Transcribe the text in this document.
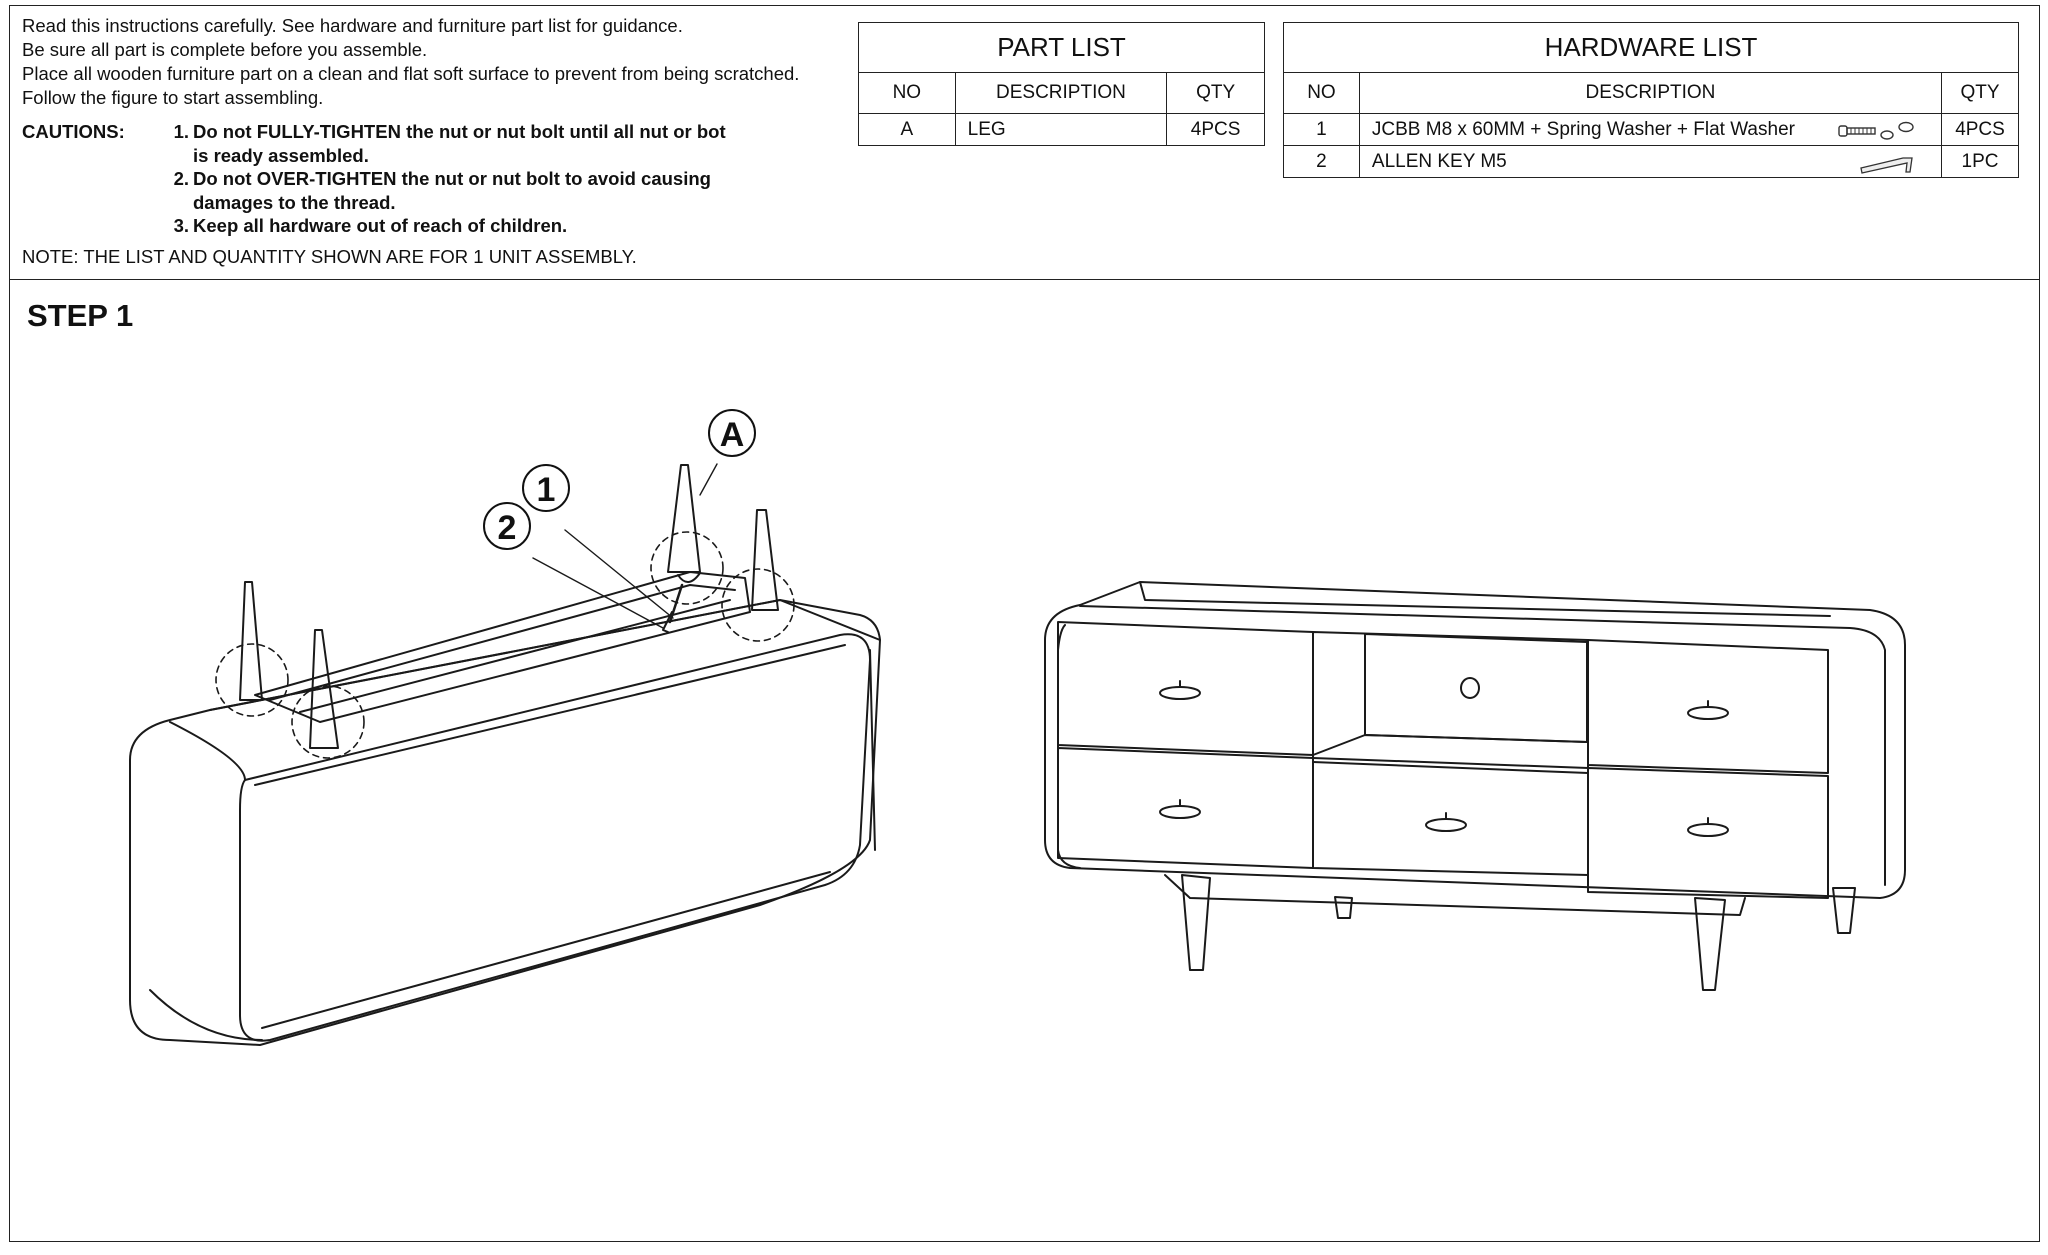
Read this instructions carefully. See hardware and furniture part list for guidance.
Be sure all part is complete before you assemble.
Place all wooden furniture part on a clean and flat soft surface to prevent from being scratched.
Follow the figure to start assembling.
CAUTIONS:	1. Do not FULLY-TIGHTEN the nut or nut bolt until all nut or bot
is ready assembled.
2. Do not OVER-TIGHTEN the nut or nut bolt to avoid causing
damages to the thread.
3. Keep all hardware out of reach of children.
NOTE: THE LIST AND QUANTITY SHOWN ARE FOR 1 UNIT ASSEMBLY.
PART LIST		
NO	DESCRIPTION	QTY
A	LEG	4PCS
HARDWARE LIST		
NO	DESCRIPTION	QTY
1	JCBB M8 x 60MM + Spring Washer + Flat Washer	4PCS
2	ALLEN KEY M5	1PC
STEP 1
A
1
2
